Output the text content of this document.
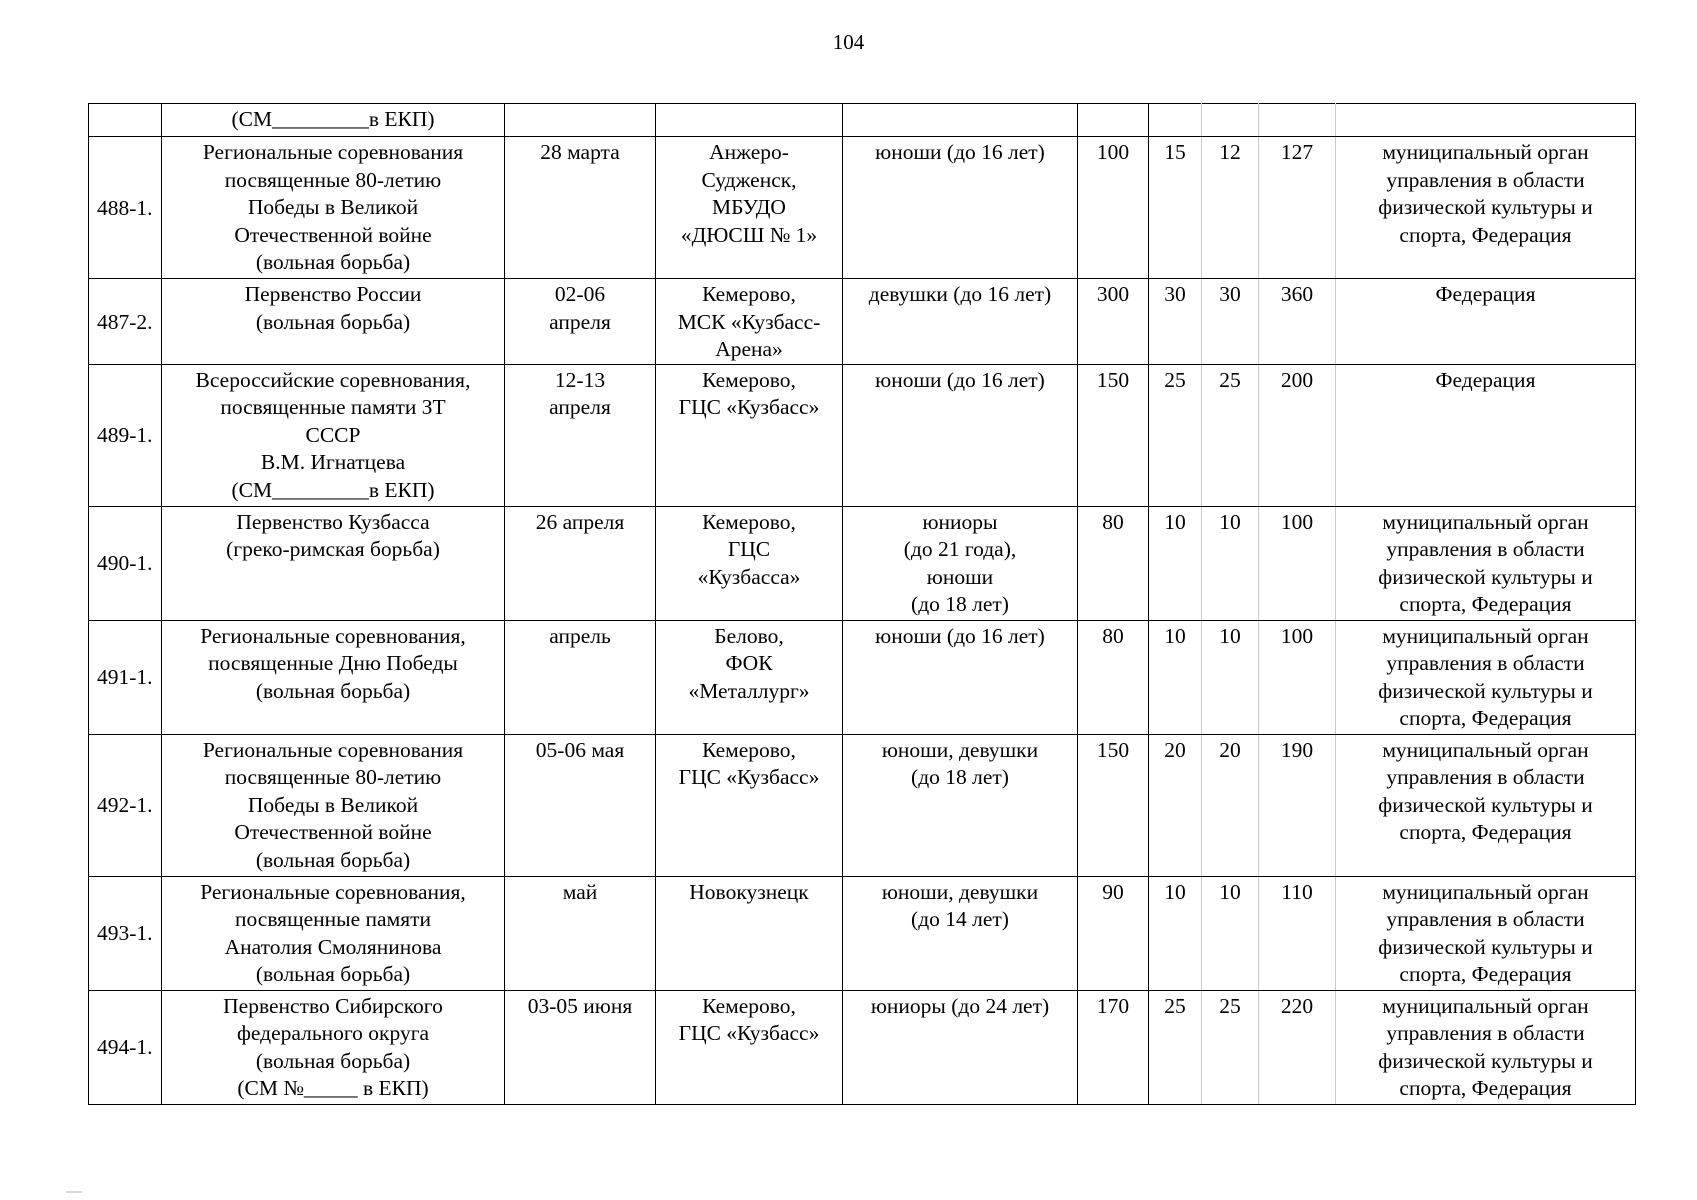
104

	(СМ_________в ЕКП)								

488-1.	Региональные соревнования
посвященные 80-летию
Победы в Великой
Отечественной войне
(вольная борьба)	28 марта	Анжеро-
Судженск,
МБУДО
«ДЮСШ № 1»	юноши (до 16 лет)	100	15	12	127	муниципальный орган
управления в области
физической культуры и
спорта, Федерация

487-2.	Первенство России
(вольная борьба)	02-06
апреля	Кемерово,
МСК «Кузбасс-
Арена»	девушки (до 16 лет)	300	30	30	360	Федерация

489-1.	Всероссийские соревнования,
посвященные памяти ЗТ
СССР
В.М. Игнатцева
(СМ_________в ЕКП)	12-13
апреля	Кемерово,
ГЦС «Кузбасс»	юноши (до 16 лет)	150	25	25	200	Федерация

490-1.	Первенство Кузбасса
(греко-римская борьба)	26 апреля	Кемерово,
ГЦС
«Кузбасса»	юниоры
(до 21 года),
юноши
(до 18 лет)	80	10	10	100	муниципальный орган
управления в области
физической культуры и
спорта, Федерация

491-1.	Региональные соревнования,
посвященные Дню Победы
(вольная борьба)	апрель	Белово,
ФОК
«Металлург»	юноши (до 16 лет)	80	10	10	100	муниципальный орган
управления в области
физической культуры и
спорта, Федерация

492-1.	Региональные соревнования
посвященные 80-летию
Победы в Великой
Отечественной войне
(вольная борьба)	05-06 мая	Кемерово,
ГЦС «Кузбасс»	юноши, девушки
(до 18 лет)	150	20	20	190	муниципальный орган
управления в области
физической культуры и
спорта, Федерация

493-1.	Региональные соревнования,
посвященные памяти
Анатолия Смолянинова
(вольная борьба)	май	Новокузнецк	юноши, девушки
(до 14 лет)	90	10	10	110	муниципальный орган
управления в области
физической культуры и
спорта, Федерация

494-1.	Первенство Сибирского
федерального округа
(вольная борьба)
(СМ №_____ в ЕКП)	03-05 июня	Кемерово,
ГЦС «Кузбасс»	юниоры (до 24 лет)	170	25	25	220	муниципальный орган
управления в области
физической культуры и
спорта, Федерация
